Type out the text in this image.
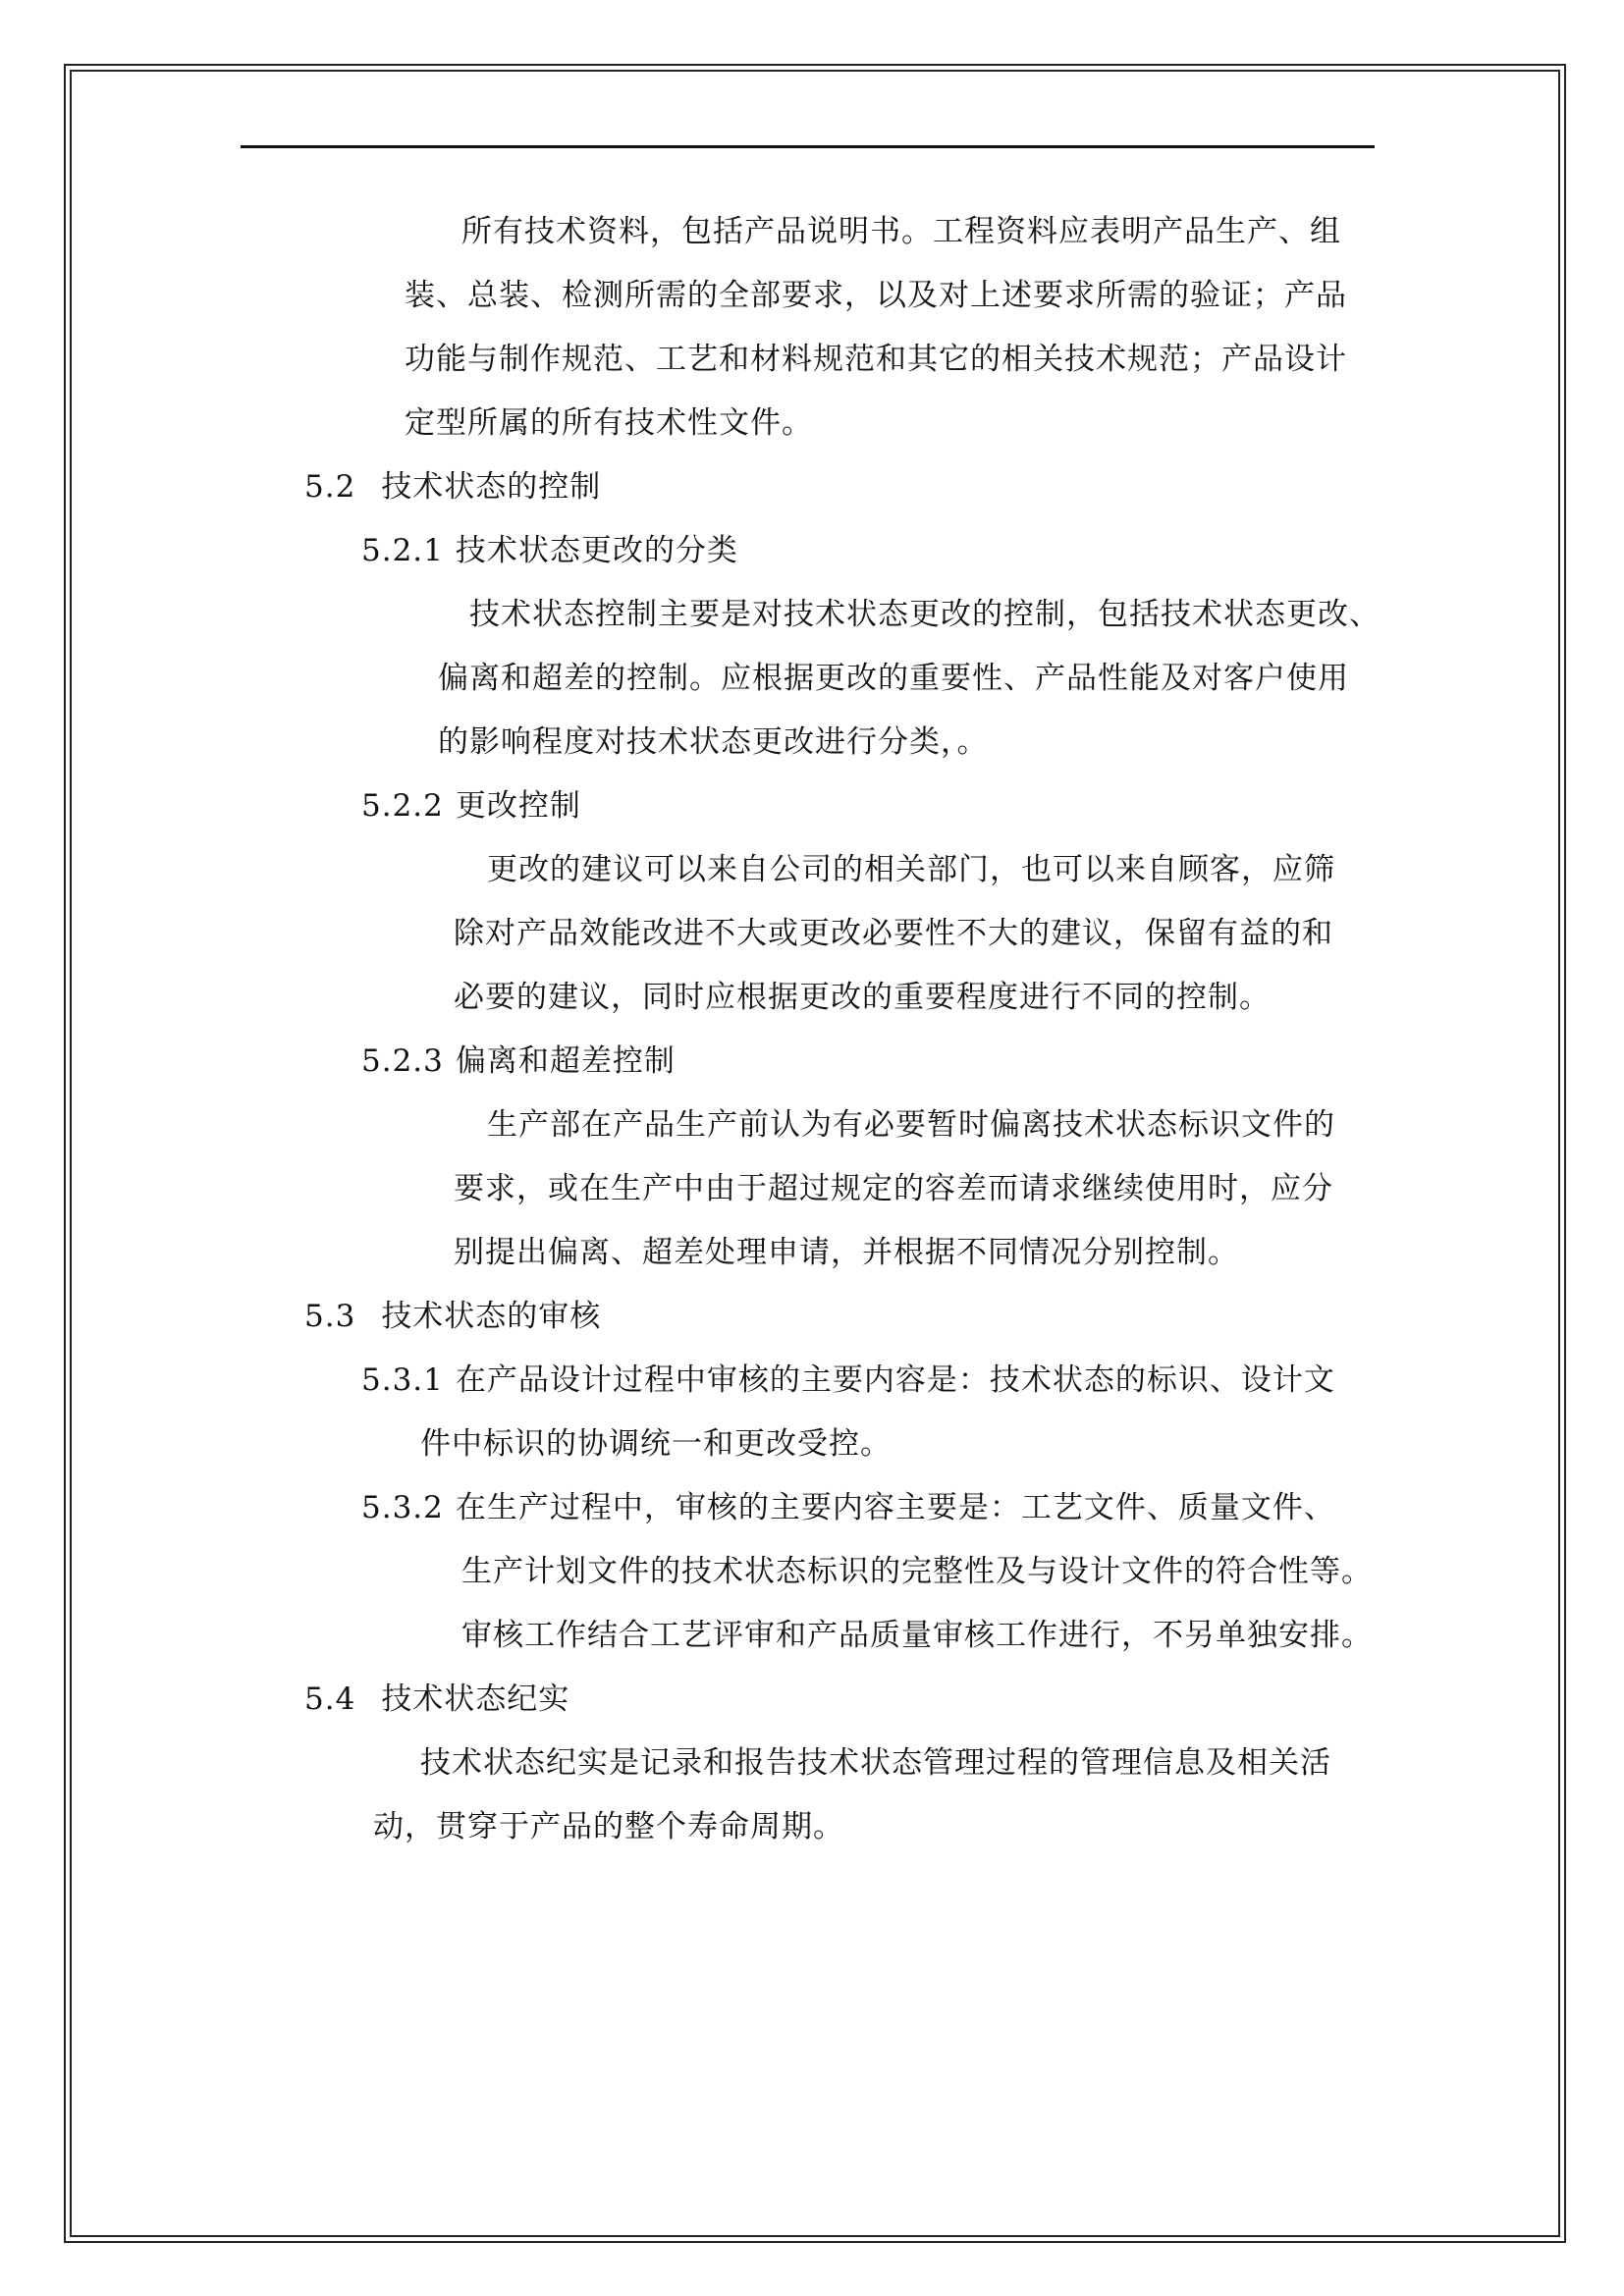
所有技术资料，包括产品说明书。工程资料应表明产品生产、组
装、总装、检测所需的全部要求，以及对上述要求所需的验证；产品
功能与制作规范、工艺和材料规范和其它的相关技术规范；产品设计
定型所属的所有技术性文件。
5.2 技术状态的控制
5.2.1 技术状态更改的分类
技术状态控制主要是对技术状态更改的控制，包括技术状态更改、
偏离和超差的控制。应根据更改的重要性、产品性能及对客户使用
的影响程度对技术状态更改进行分类，。
5.2.2 更改控制
更改的建议可以来自公司的相关部门，也可以来自顾客，应筛
除对产品效能改进不大或更改必要性不大的建议，保留有益的和
必要的建议，同时应根据更改的重要程度进行不同的控制。
5.2.3 偏离和超差控制
生产部在产品生产前认为有必要暂时偏离技术状态标识文件的
要求，或在生产中由于超过规定的容差而请求继续使用时，应分
别提出偏离、超差处理申请，并根据不同情况分别控制。
5.3 技术状态的审核
5.3.1 在产品设计过程中审核的主要内容是：技术状态的标识、设计文
件中标识的协调统一和更改受控。
5.3.2 在生产过程中，审核的主要内容主要是：工艺文件、质量文件、
生产计划文件的技术状态标识的完整性及与设计文件的符合性等。
审核工作结合工艺评审和产品质量审核工作进行，不另单独安排。
5.4 技术状态纪实
技术状态纪实是记录和报告技术状态管理过程的管理信息及相关活
动，贯穿于产品的整个寿命周期。
